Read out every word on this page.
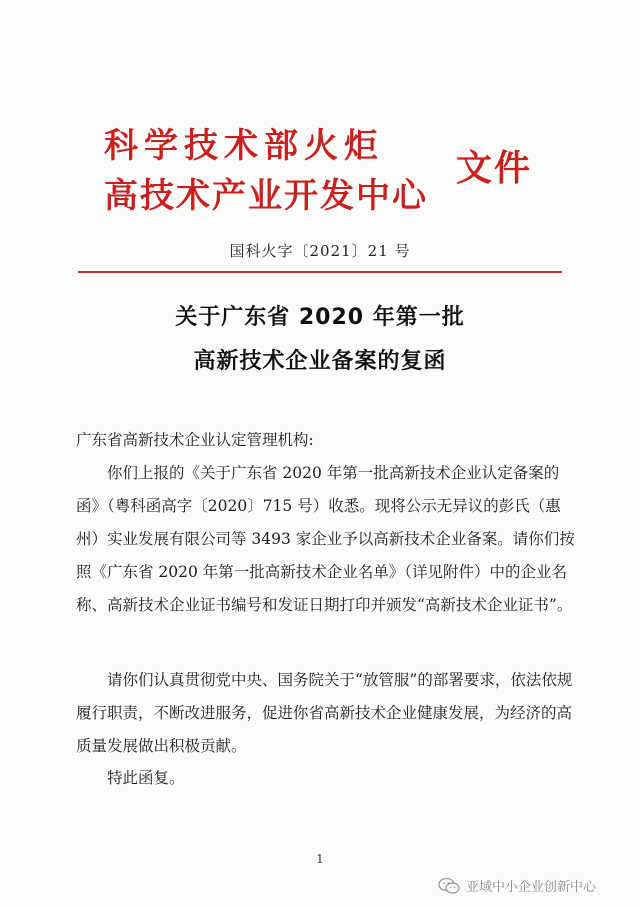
科学技术部火炬
高技术产业开发中心
文件
国科火字〔2021〕21 号
关于广东省 2020 年第一批
高新技术企业备案的复函
广东省高新技术企业认定管理机构:
你们上报的《关于广东省 2020 年第一批高新技术企业认定备案的函》（粤科函高字〔2020〕715 号）收悉。现将公示无异议的彭氏（惠州）实业发展有限公司等 3493 家企业予以高新技术企业备案。请你们按照《广东省 2020 年第一批高新技术企业名单》（详见附件）中的企业名称、高新技术企业证书编号和发证日期打印并颁发“高新技术企业证书”。
请你们认真贯彻党中央、国务院关于“放管服”的部署要求，依法依规履行职责，不断改进服务，促进你省高新技术企业健康发展，为经济的高质量发展做出积极贡献。
特此函复。
1
亚域中小企业创新中心
